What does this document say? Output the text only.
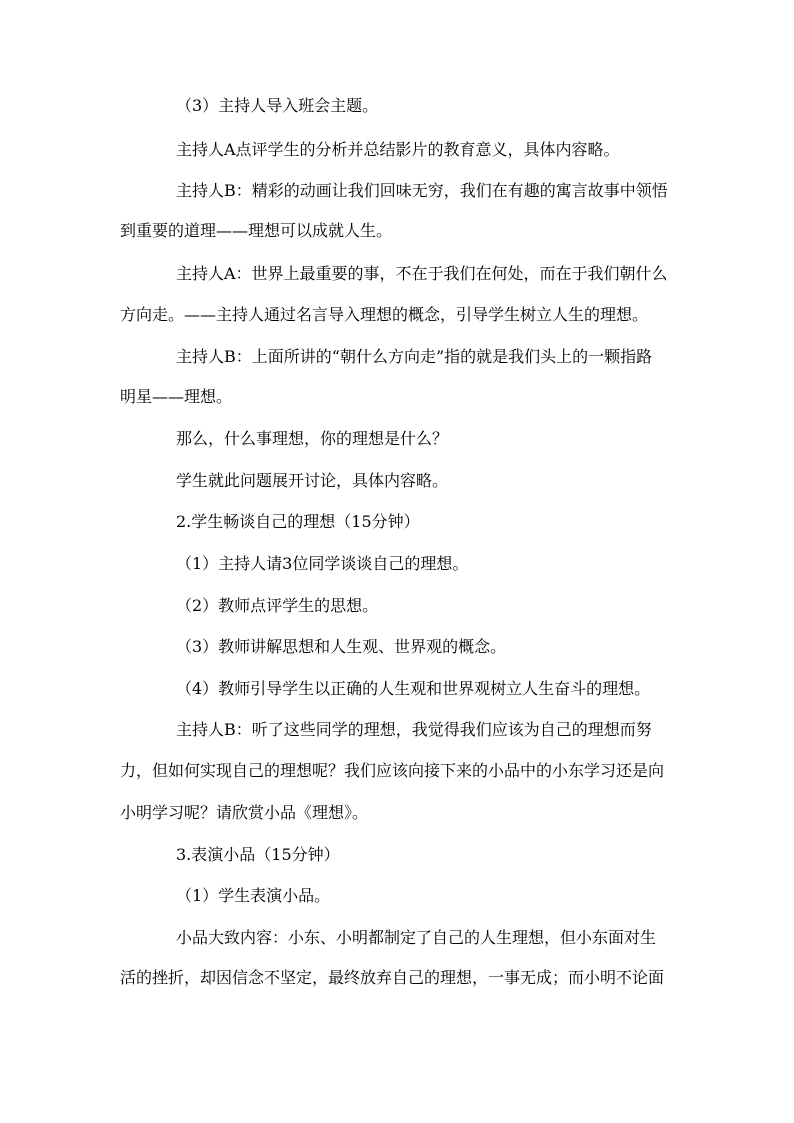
（3）主持人导入班会主题。
主持人A点评学生的分析并总结影片的教育意义，具体内容略。
主持人B：精彩的动画让我们回味无穷，我们在有趣的寓言故事中领悟
到重要的道理——理想可以成就人生。
主持人A：世界上最重要的事，不在于我们在何处，而在于我们朝什么
方向走。——主持人通过名言导入理想的概念，引导学生树立人生的理想。
主持人B：上面所讲的“朝什么方向走”指的就是我们头上的一颗指路
明星——理想。
那么，什么事理想，你的理想是什么？
学生就此问题展开讨论，具体内容略。
2.学生畅谈自己的理想（15分钟）
（1）主持人请3位同学谈谈自己的理想。
（2）教师点评学生的思想。
（3）教师讲解思想和人生观、世界观的概念。
（4）教师引导学生以正确的人生观和世界观树立人生奋斗的理想。
主持人B：听了这些同学的理想，我觉得我们应该为自己的理想而努
力，但如何实现自己的理想呢？我们应该向接下来的小品中的小东学习还是向
小明学习呢？请欣赏小品《理想》。
3.表演小品（15分钟）
（1）学生表演小品。
小品大致内容：小东、小明都制定了自己的人生理想，但小东面对生
活的挫折，却因信念不坚定，最终放弃自己的理想，一事无成；而小明不论面
